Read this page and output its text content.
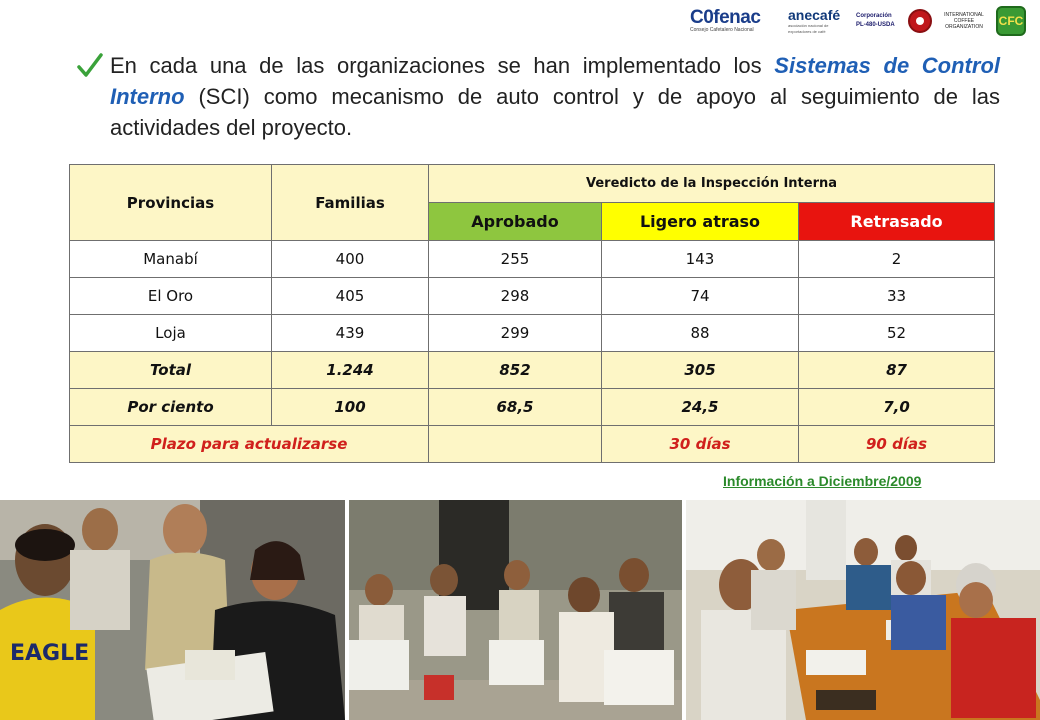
C0fenac
Consejo Cafetalero Nacional
anecafé
asociación nacional de exportadores de café
Corporación
PL-480-USDA
INTERNATIONAL
COFFEE
ORGANIZATION CFC

En cada una de las organizaciones se han implementado los Sistemas de Control Interno (SCI) como mecanismo de auto control y de apoyo al seguimiento de las actividades del proyecto.

Provincias	Familias	Veredicto de la Inspección Interna		
		Aprobado	Ligero atraso	Retrasado
Manabí	400	255	143	2
El Oro	405	298	74	33
Loja	439	299	88	52
Total	1.244	852	305	87
Por ciento	100	68,5	24,5	7,0
Plazo para actualizarse			30 días	90 días
Información a Diciembre/2009
EAGLE
